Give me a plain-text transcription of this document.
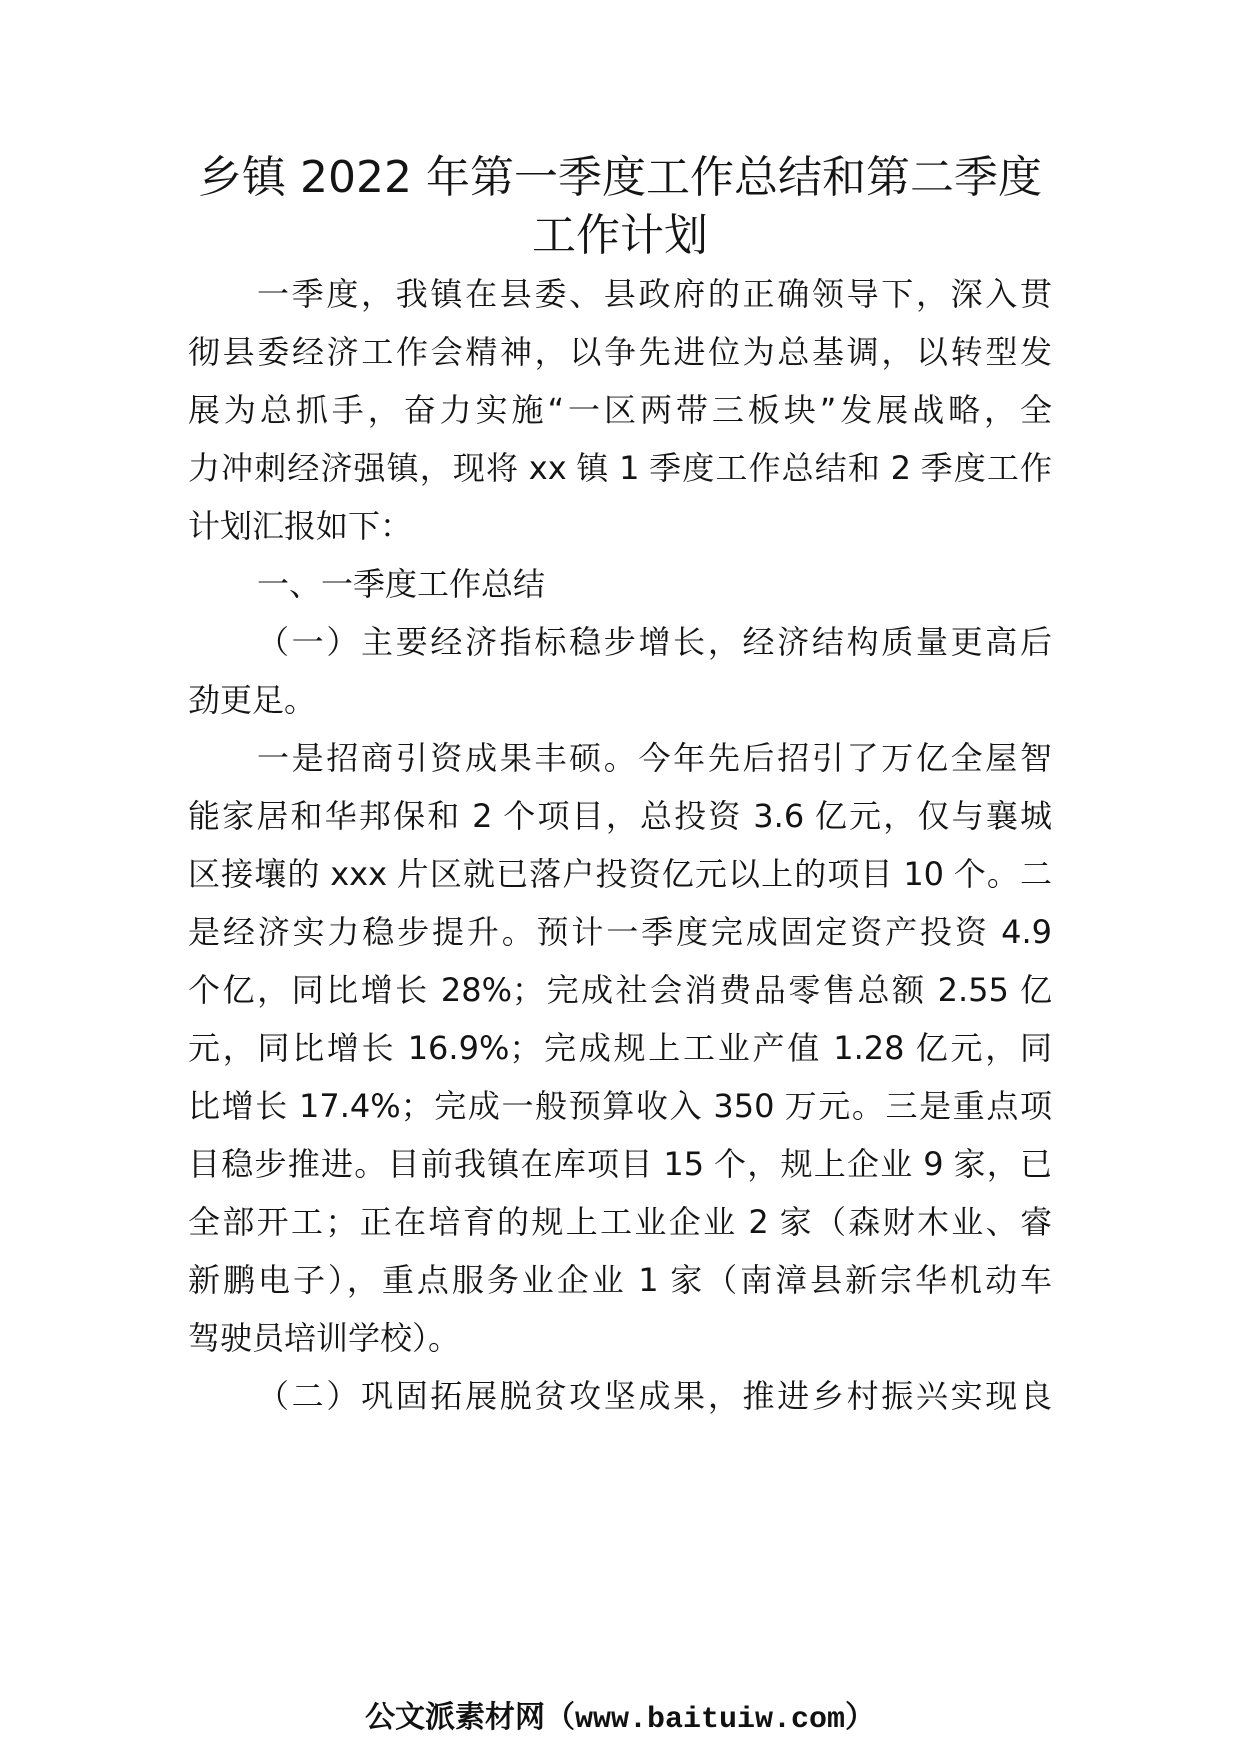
乡镇 2022 年第一季度工作总结和第二季度
工作计划
一季度，我镇在县委、县政府的正确领导下，深入贯
彻县委经济工作会精神，以争先进位为总基调，以转型发
展为总抓手，奋力实施“一区两带三板块”发展战略，全
力冲刺经济强镇，现将 xx 镇 1 季度工作总结和 2 季度工作
计划汇报如下：
一、一季度工作总结
（一）主要经济指标稳步增长，经济结构质量更高后
劲更足。
一是招商引资成果丰硕。今年先后招引了万亿全屋智
能家居和华邦保和 2 个项目，总投资 3.6 亿元，仅与襄城
区接壤的 xxx 片区就已落户投资亿元以上的项目 10 个。二
是经济实力稳步提升。预计一季度完成固定资产投资 4.9
个亿，同比增长 28%；完成社会消费品零售总额 2.55 亿
元，同比增长 16.9%；完成规上工业产值 1.28 亿元，同
比增长 17.4%；完成一般预算收入 350 万元。三是重点项
目稳步推进。目前我镇在库项目 15 个，规上企业 9 家，已
全部开工；正在培育的规上工业企业 2 家（森财木业、睿
新鹏电子），重点服务业企业 1 家（南漳县新宗华机动车
驾驶员培训学校）。
（二）巩固拓展脱贫攻坚成果，推进乡村振兴实现良
公文派素材网（www.baituiw.com）
